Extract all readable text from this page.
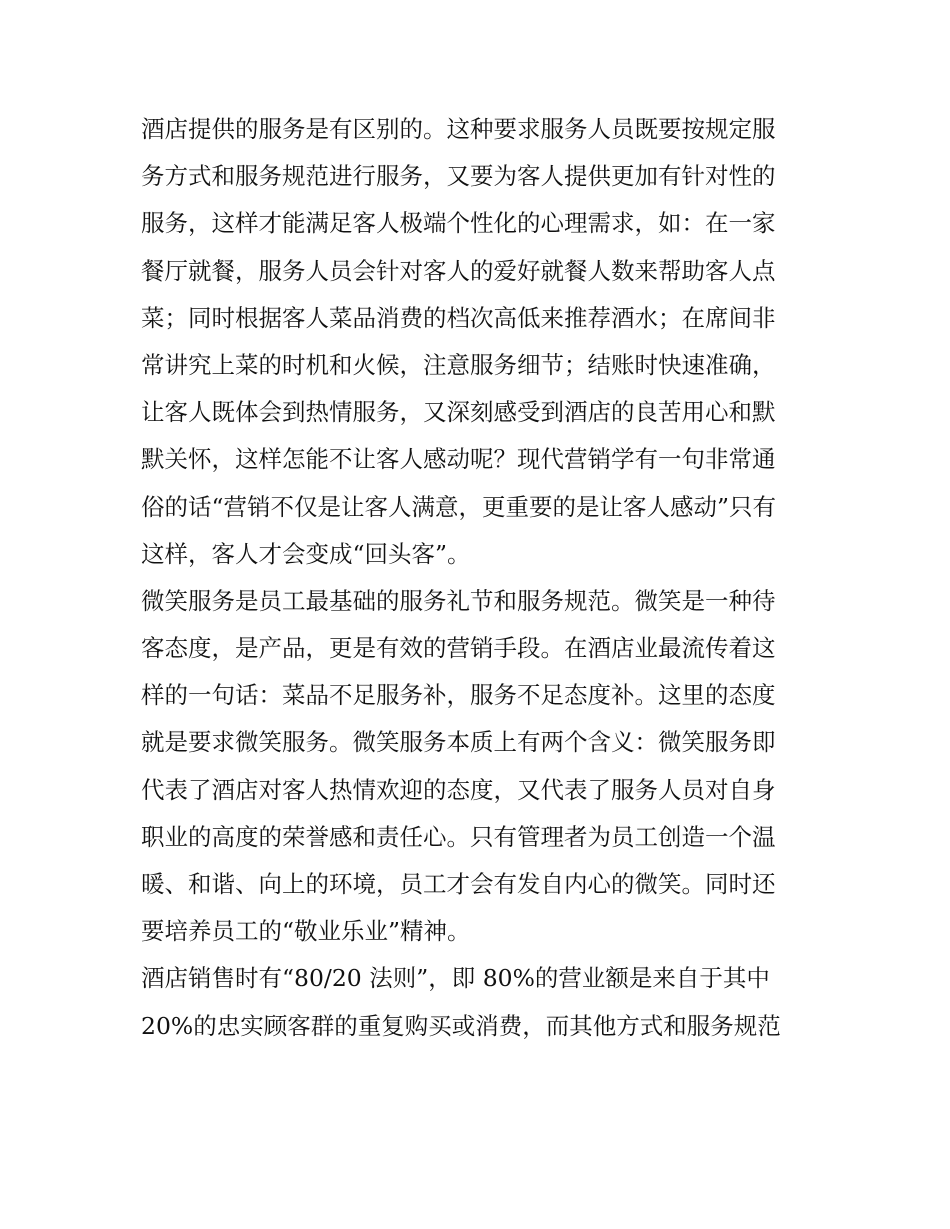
酒店提供的服务是有区别的。这种要求服务人员既要按规定服
务方式和服务规范进行服务，又要为客人提供更加有针对性的
服务，这样才能满足客人极端个性化的心理需求，如：在一家
餐厅就餐，服务人员会针对客人的爱好就餐人数来帮助客人点
菜；同时根据客人菜品消费的档次高低来推荐酒水；在席间非
常讲究上菜的时机和火候，注意服务细节；结账时快速准确，
让客人既体会到热情服务，又深刻感受到酒店的良苦用心和默
默关怀，这样怎能不让客人感动呢？现代营销学有一句非常通
俗的话“营销不仅是让客人满意，更重要的是让客人感动”只有
这样，客人才会变成“回头客”。
微笑服务是员工最基础的服务礼节和服务规范。微笑是一种待
客态度，是产品，更是有效的营销手段。在酒店业最流传着这
样的一句话：菜品不足服务补，服务不足态度补。这里的态度
就是要求微笑服务。微笑服务本质上有两个含义：微笑服务即
代表了酒店对客人热情欢迎的态度，又代表了服务人员对自身
职业的高度的荣誉感和责任心。只有管理者为员工创造一个温
暖、和谐、向上的环境，员工才会有发自内心的微笑。同时还
要培养员工的“敬业乐业”精神。
酒店销售时有“80/20 法则”，即 80%的营业额是来自于其中
20%的忠实顾客群的重复购买或消费，而其他方式和服务规范
